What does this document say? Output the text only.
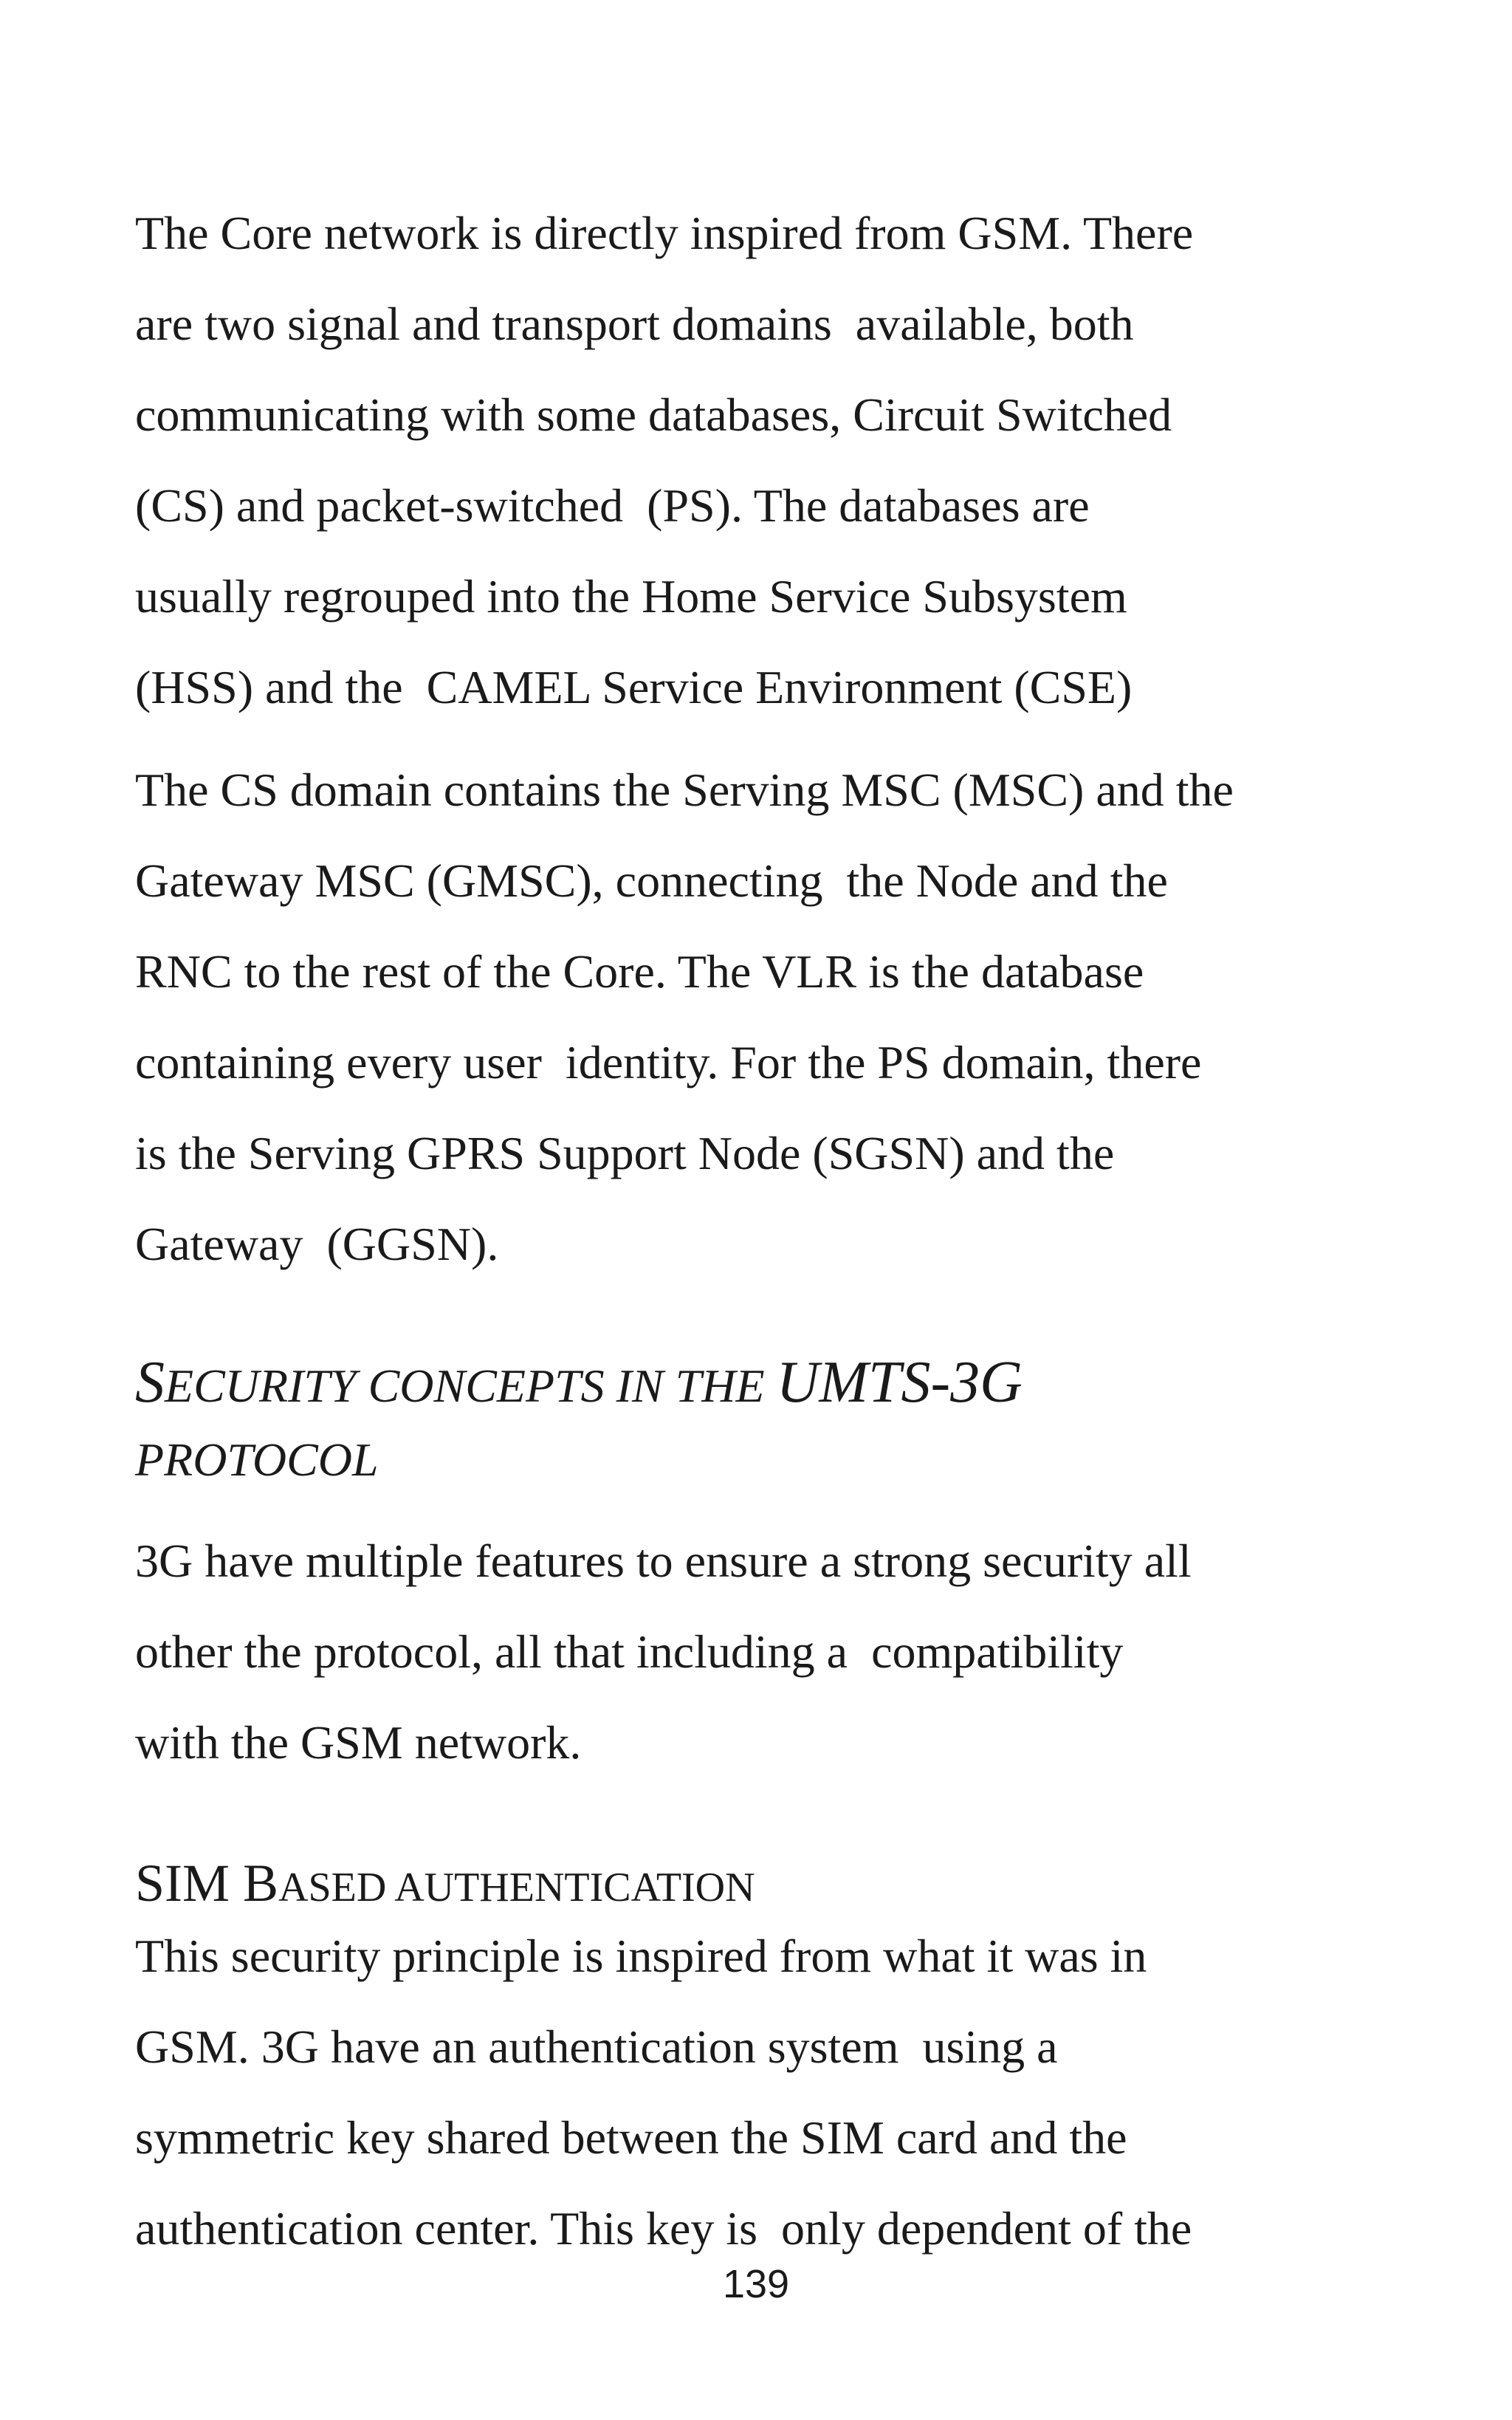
The Core network is directly inspired from GSM. There
are two signal and transport domains  available, both
communicating with some databases, Circuit Switched
(CS) and packet-switched  (PS). The databases are
usually regrouped into the Home Service Subsystem
(HSS) and the  CAMEL Service Environment (CSE)
The CS domain contains the Serving MSC (MSC) and the
Gateway MSC (GMSC), connecting  the Node and the
RNC to the rest of the Core. The VLR is the database
containing every user  identity. For the PS domain, there
is the Serving GPRS Support Node (SGSN) and the
Gateway  (GGSN).
SECURITY CONCEPTS IN THE UMTS-3G
PROTOCOL
3G have multiple features to ensure a strong security all
other the protocol, all that including a  compatibility
with the GSM network.
SIM BASED AUTHENTICATION
This security principle is inspired from what it was in
GSM. 3G have an authentication system  using a
symmetric key shared between the SIM card and the
authentication center. This key is  only dependent of the
139
